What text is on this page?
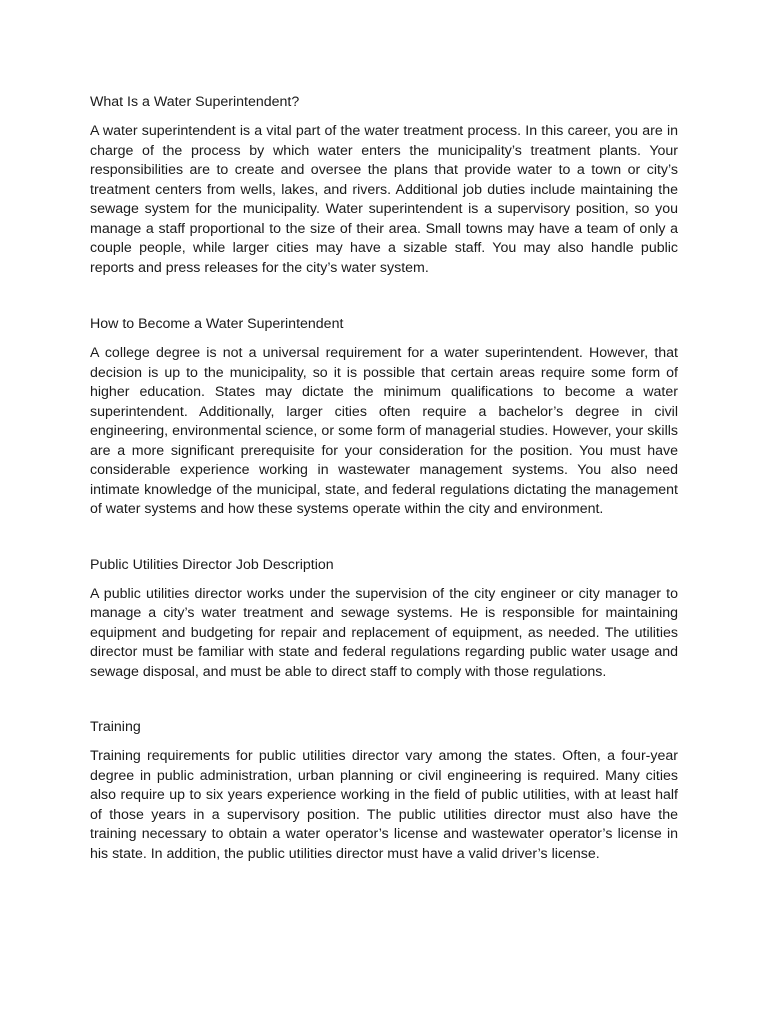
What Is a Water Superintendent?

A water superintendent is a vital part of the water treatment process. In this career, you are in charge of the process by which water enters the municipality’s treatment plants. Your responsibilities are to create and oversee the plans that provide water to a town or city’s treatment centers from wells, lakes, and rivers. Additional job duties include maintaining the sewage system for the municipality. Water superintendent is a supervisory position, so you manage a staff proportional to the size of their area. Small towns may have a team of only a couple people, while larger cities may have a sizable staff. You may also handle public reports and press releases for the city’s water system.

How to Become a Water Superintendent

A college degree is not a universal requirement for a water superintendent. However, that decision is up to the municipality, so it is possible that certain areas require some form of higher education. States may dictate the minimum qualifications to become a water superintendent. Additionally, larger cities often require a bachelor’s degree in civil engineering, environmental science, or some form of managerial studies. However, your skills are a more significant prerequisite for your consideration for the position. You must have considerable experience working in wastewater management systems. You also need intimate knowledge of the municipal, state, and federal regulations dictating the management of water systems and how these systems operate within the city and environment.

Public Utilities Director Job Description

A public utilities director works under the supervision of the city engineer or city manager to manage a city’s water treatment and sewage systems. He is responsible for maintaining equipment and budgeting for repair and replacement of equipment, as needed. The utilities director must be familiar with state and federal regulations regarding public water usage and sewage disposal, and must be able to direct staff to comply with those regulations.

Training

Training requirements for public utilities director vary among the states. Often, a four-year degree in public administration, urban planning or civil engineering is required. Many cities also require up to six years experience working in the field of public utilities, with at least half of those years in a supervisory position. The public utilities director must also have the training necessary to obtain a water operator’s license and wastewater operator’s license in his state. In addition, the public utilities director must have a valid driver’s license.
